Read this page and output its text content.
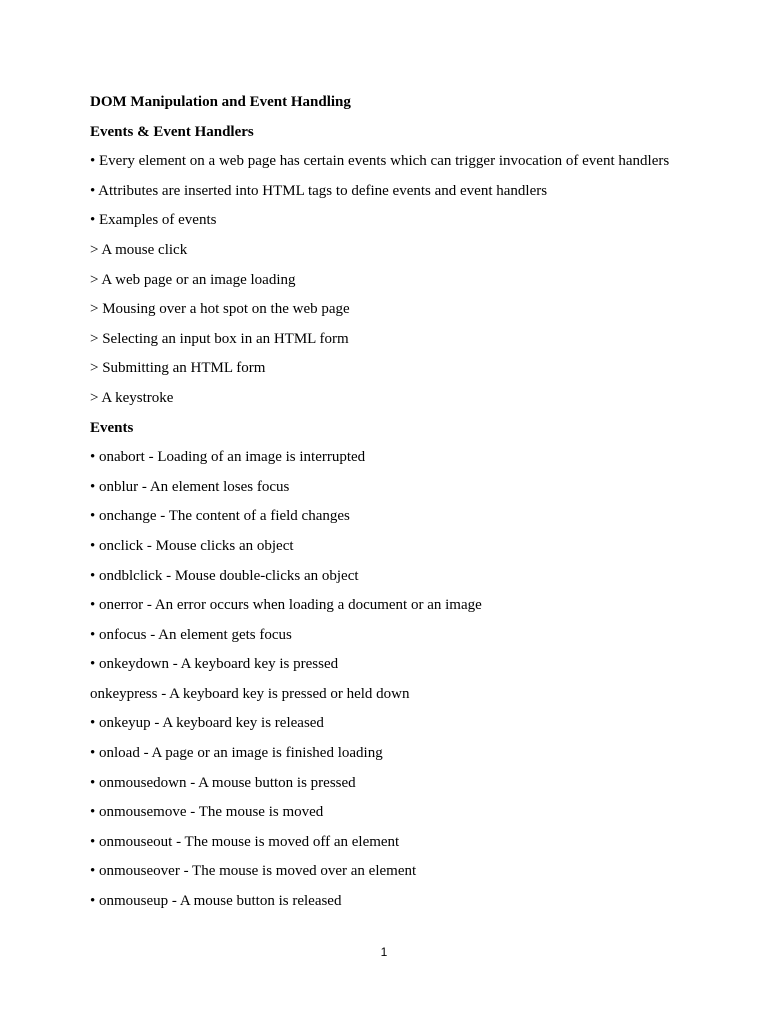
DOM Manipulation and Event Handling
Events & Event Handlers
• Every element on a web page has certain events which can trigger invocation of event handlers
• Attributes are inserted into HTML tags to define events and event handlers
• Examples of events
> A mouse click
> A web page or an image loading
> Mousing over a hot spot on the web page
> Selecting an input box in an HTML form
> Submitting an HTML form
> A keystroke
Events
• onabort - Loading of an image is interrupted
• onblur - An element loses focus
• onchange - The content of a field changes
• onclick - Mouse clicks an object
• ondblclick - Mouse double-clicks an object
• onerror - An error occurs when loading a document or an image
• onfocus - An element gets focus
• onkeydown - A keyboard key is pressed
onkeypress - A keyboard key is pressed or held down
• onkeyup - A keyboard key is released
• onload - A page or an image is finished loading
• onmousedown - A mouse button is pressed
• onmousemove - The mouse is moved
• onmouseout - The mouse is moved off an element
• onmouseover - The mouse is moved over an element
• onmouseup - A mouse button is released
1
